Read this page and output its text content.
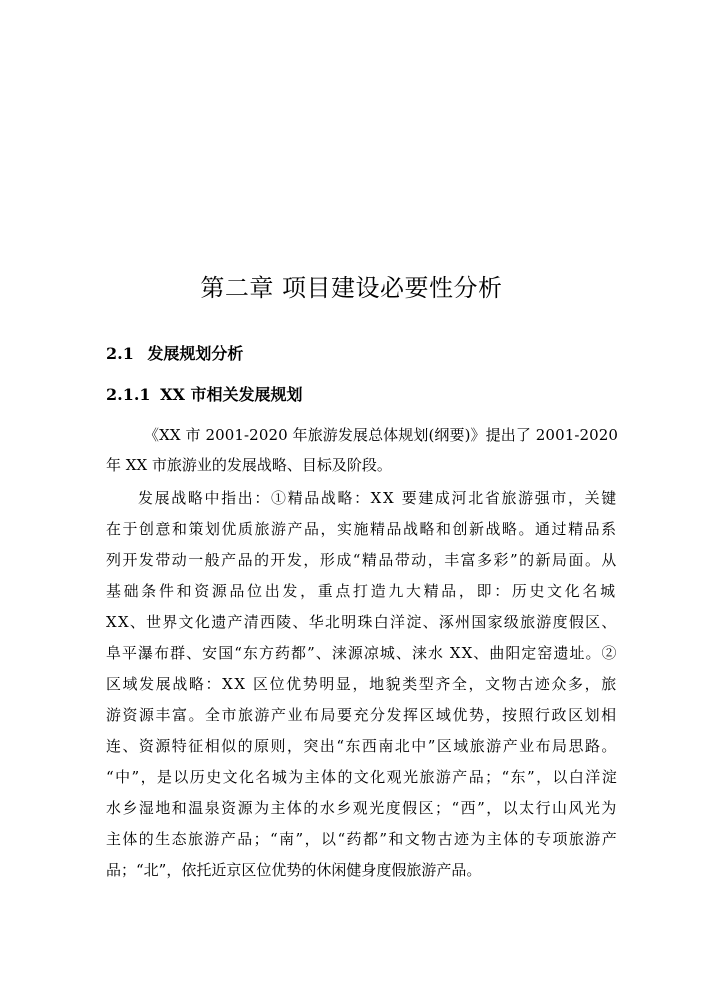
第二章 项目建设必要性分析
2.1 发展规划分析
2.1.1 XX 市相关发展规划
《XX 市 2001-2020 年旅游发展总体规划(纲要)》提出了 2001-2020
年 XX 市旅游业的发展战略、目标及阶段。
发展战略中指出：①精品战略：XX 要建成河北省旅游强市，关键
在于创意和策划优质旅游产品，实施精品战略和创新战略。通过精品系
列开发带动一般产品的开发，形成“精品带动，丰富多彩”的新局面。从
基础条件和资源品位出发，重点打造九大精品，即：历史文化名城
XX、世界文化遗产清西陵、华北明珠白洋淀、涿州国家级旅游度假区、
阜平瀑布群、安国“东方药都”、涞源凉城、涞水 XX、曲阳定窑遗址。②
区域发展战略：XX 区位优势明显，地貌类型齐全，文物古迹众多，旅
游资源丰富。全市旅游产业布局要充分发挥区域优势，按照行政区划相
连、资源特征相似的原则，突出“东西南北中”区域旅游产业布局思路。
“中”，是以历史文化名城为主体的文化观光旅游产品；“东”，以白洋淀
水乡湿地和温泉资源为主体的水乡观光度假区；“西”，以太行山风光为
主体的生态旅游产品；“南”，以“药都”和文物古迹为主体的专项旅游产
品；“北”，依托近京区位优势的休闲健身度假旅游产品。
